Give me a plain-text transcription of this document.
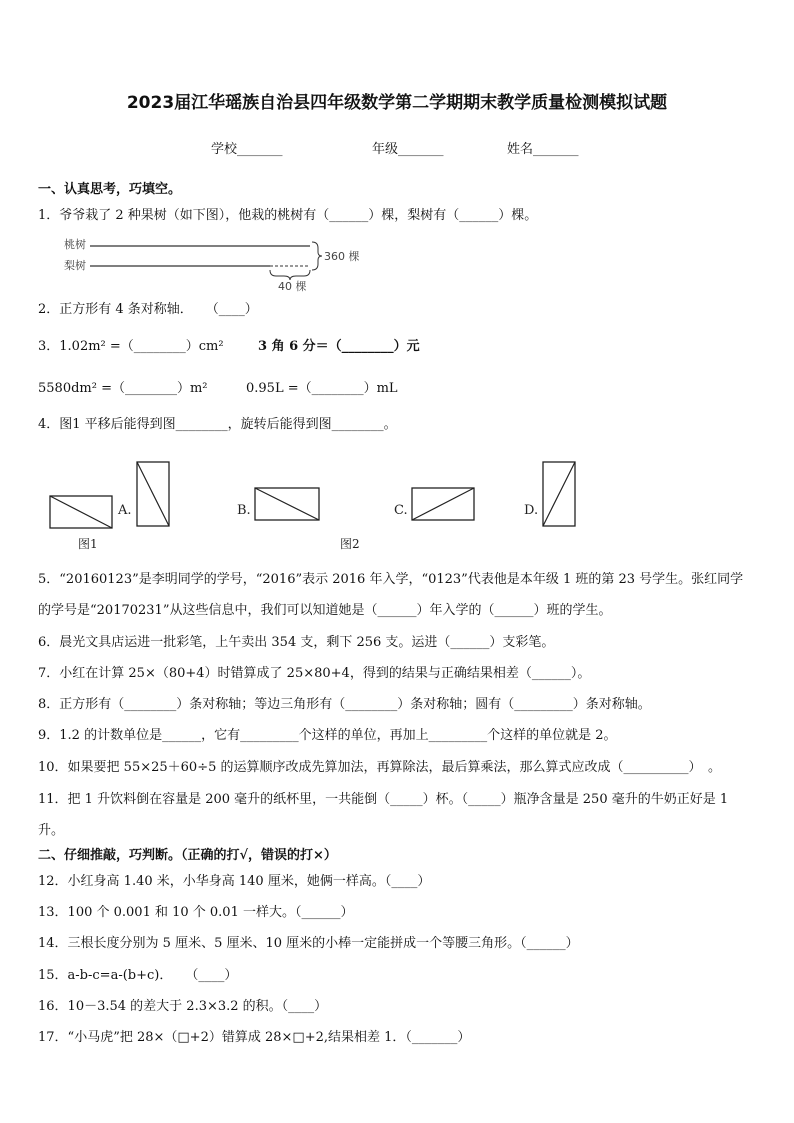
2023届江华瑶族自治县四年级数学第二学期期末教学质量检测模拟试题
学校_______	年级_______	姓名_______
一、认真思考，巧填空。
1．爷爷栽了 2 种果树（如下图），他栽的桃树有（______）棵，梨树有（______）棵。
桃树
梨树
360 棵
40 棵
2．正方形有 4 条对称轴．　　（____）
3．1.02m² =（________）cm²	3 角 6 分＝（________）元
5580dm² =（________）m²	0.95L =（________）mL
4．图1 平移后能得到图________，旋转后能得到图________。
图1
A.	B.
图2
C.	D.
5．“20160123”是李明同学的学号，“2016”表示 2016 年入学，“0123”代表他是本年级 1 班的第 23 号学生。张红同学
的学号是“20170231”从这些信息中，我们可以知道她是（______）年入学的（______）班的学生。
6．晨光文具店运进一批彩笔，上午卖出 354 支，剩下 256 支。运进（______）支彩笔。
7．小红在计算 25×（80+4）时错算成了 25×80+4，得到的结果与正确结果相差（______）。
8．正方形有（________）条对称轴；等边三角形有（________）条对称轴；圆有（_________）条对称轴。
9．1.2 的计数单位是______，它有_________个这样的单位，再加上_________个这样的单位就是 2。
10．如果要把 55×25＋60÷5 的运算顺序改成先算加法，再算除法，最后算乘法，那么算式应改成（__________）　。
11．把 1 升饮料倒在容量是 200 毫升的纸杯里，一共能倒（_____）杯。（_____）瓶净含量是 250 毫升的牛奶正好是 1
升。
二、仔细推敲，巧判断。（正确的打√，错误的打×）
12．小红身高 1.40 米，小华身高 140 厘米，她俩一样高。（____）
13．100 个 0.001 和 10 个 0.01 一样大。（______）
14．三根长度分别为 5 厘米、5 厘米、10 厘米的小棒一定能拼成一个等腰三角形。（______）
15．a-b-c=a-(b+c)．　　（____）
16．10－3.54 的差大于 2.3×3.2 的积。（____）
17．“小马虎”把 28×（□+2）错算成 28×□+2,结果相差 1．（_______）
